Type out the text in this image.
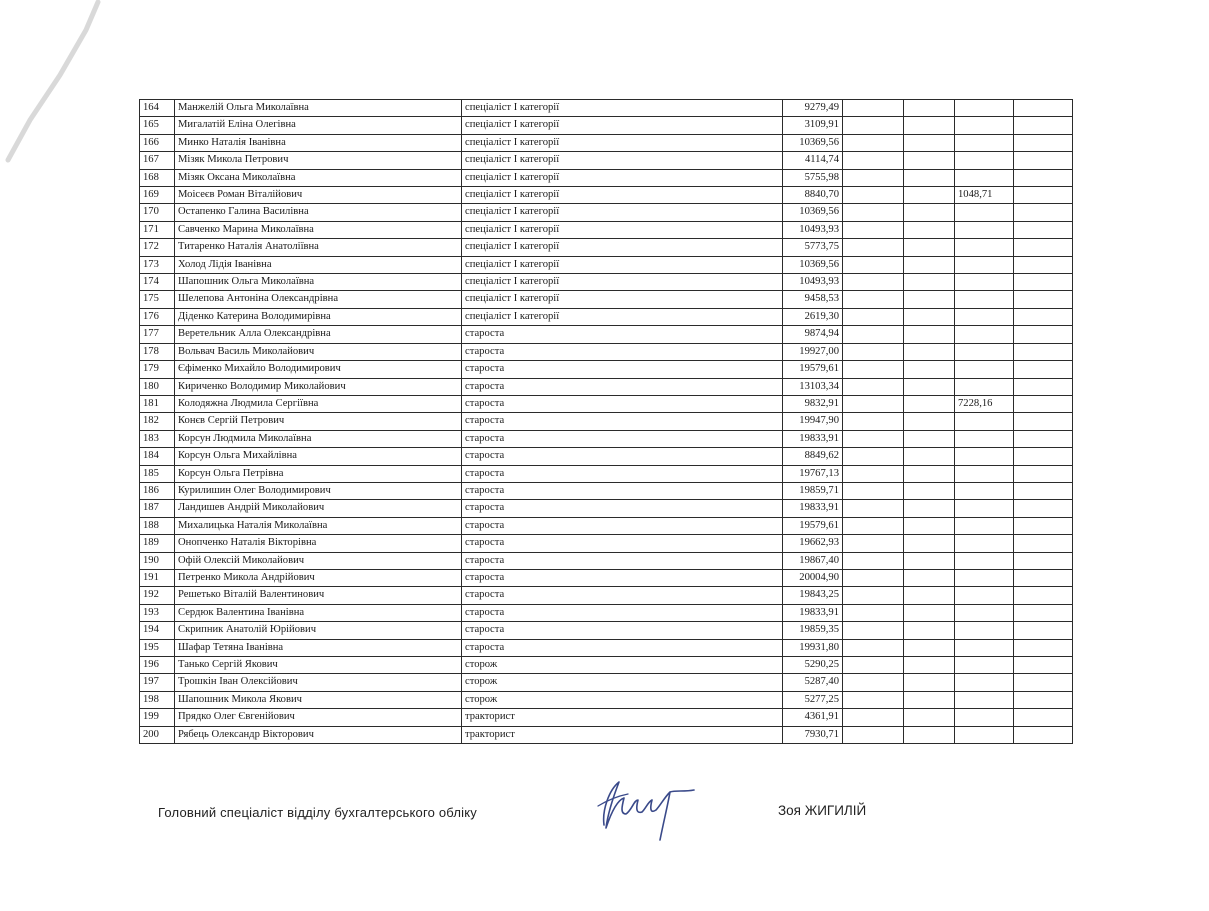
164	Манжелій Ольга Миколаївна	спеціаліст I категорії	9279,49				
165	Мигалатій Еліна Олегівна	спеціаліст I категорії	3109,91				
166	Минко Наталія Іванівна	спеціаліст I категорії	10369,56				
167	Мізяк Микола Петрович	спеціаліст I категорії	4114,74				
168	Мізяк Оксана Миколаївна	спеціаліст I категорії	5755,98				
169	Моісеєв Роман Віталійович	спеціаліст I категорії	8840,70			1048,71	
170	Остапенко Галина Василівна	спеціаліст I категорії	10369,56				
171	Савченко Марина Миколаївна	спеціаліст I категорії	10493,93				
172	Титаренко Наталія Анатоліївна	спеціаліст I категорії	5773,75				
173	Холод Лідія Іванівна	спеціаліст I категорії	10369,56				
174	Шапошник Ольга Миколаївна	спеціаліст I категорії	10493,93				
175	Шелепова Антоніна Олександрівна	спеціаліст I категорії	9458,53				
176	Діденко Катерина Володимирівна	спеціаліст I категорії	2619,30				
177	Веретельник Алла Олександрівна	староста	9874,94				
178	Вольвач Василь Миколайович	староста	19927,00				
179	Єфіменко Михайло Володимирович	староста	19579,61				
180	Кириченко Володимир Миколайович	староста	13103,34				
181	Колодяжна Людмила Сергіївна	староста	9832,91			7228,16	
182	Конєв Сергій Петрович	староста	19947,90				
183	Корсун Людмила Миколаївна	староста	19833,91				
184	Корсун Ольга Михайлівна	староста	8849,62				
185	Корсун Ольга Петрівна	староста	19767,13				
186	Курилишин Олег Володимирович	староста	19859,71				
187	Ландишев Андрій Миколайович	староста	19833,91				
188	Михалицька Наталія Миколаївна	староста	19579,61				
189	Онопченко Наталія Вікторівна	староста	19662,93				
190	Офій Олексій Миколайович	староста	19867,40				
191	Петренко Микола Андрійович	староста	20004,90				
192	Решетько Віталій Валентинович	староста	19843,25				
193	Сердюк Валентина Іванівна	староста	19833,91				
194	Скрипник Анатолій Юрійович	староста	19859,35				
195	Шафар Тетяна Іванівна	староста	19931,80				
196	Танько Сергій Якович	сторож	5290,25				
197	Трошкін Іван Олексійович	сторож	5287,40				
198	Шапошник Микола Якович	сторож	5277,25				
199	Прядко Олег Євгенійович	тракторист	4361,91				
200	Рябець Олександр Вікторович	тракторист	7930,71				
Головний спеціаліст відділу бухгалтерського обліку	Зоя ЖИГИЛІЙ
